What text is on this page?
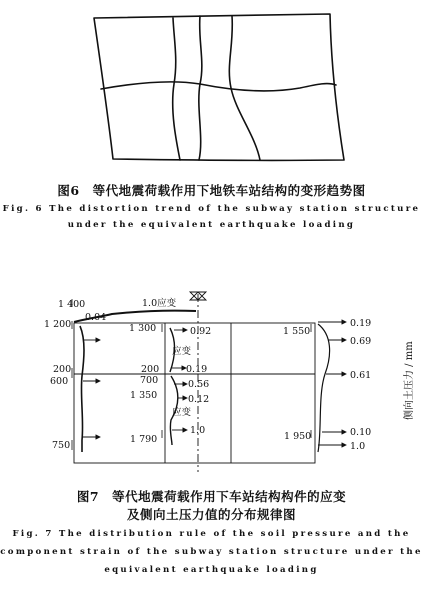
图6　等代地震荷载作用下地铁车站结构的变形趋势图
Fig. 6 The distortion trend of the subway station structure
under the equivalent earthquake loading
1 400
0.04
1.0应变
1 200	1 300	0.92
应变
1 550
0.19
0.69
200	200	0.19
0.61
600	700	0.56
1 350	0.12
应变
0.10
750
1 790
1.0
1 950
1.0
侧向土压力 / mm
图7　等代地震荷载作用下车站结构构件的应变
及侧向土压力值的分布规律图
Fig. 7 The distribution rule of the soil pressure and the
component strain of the subway station structure under the
equivalent earthquake loading
